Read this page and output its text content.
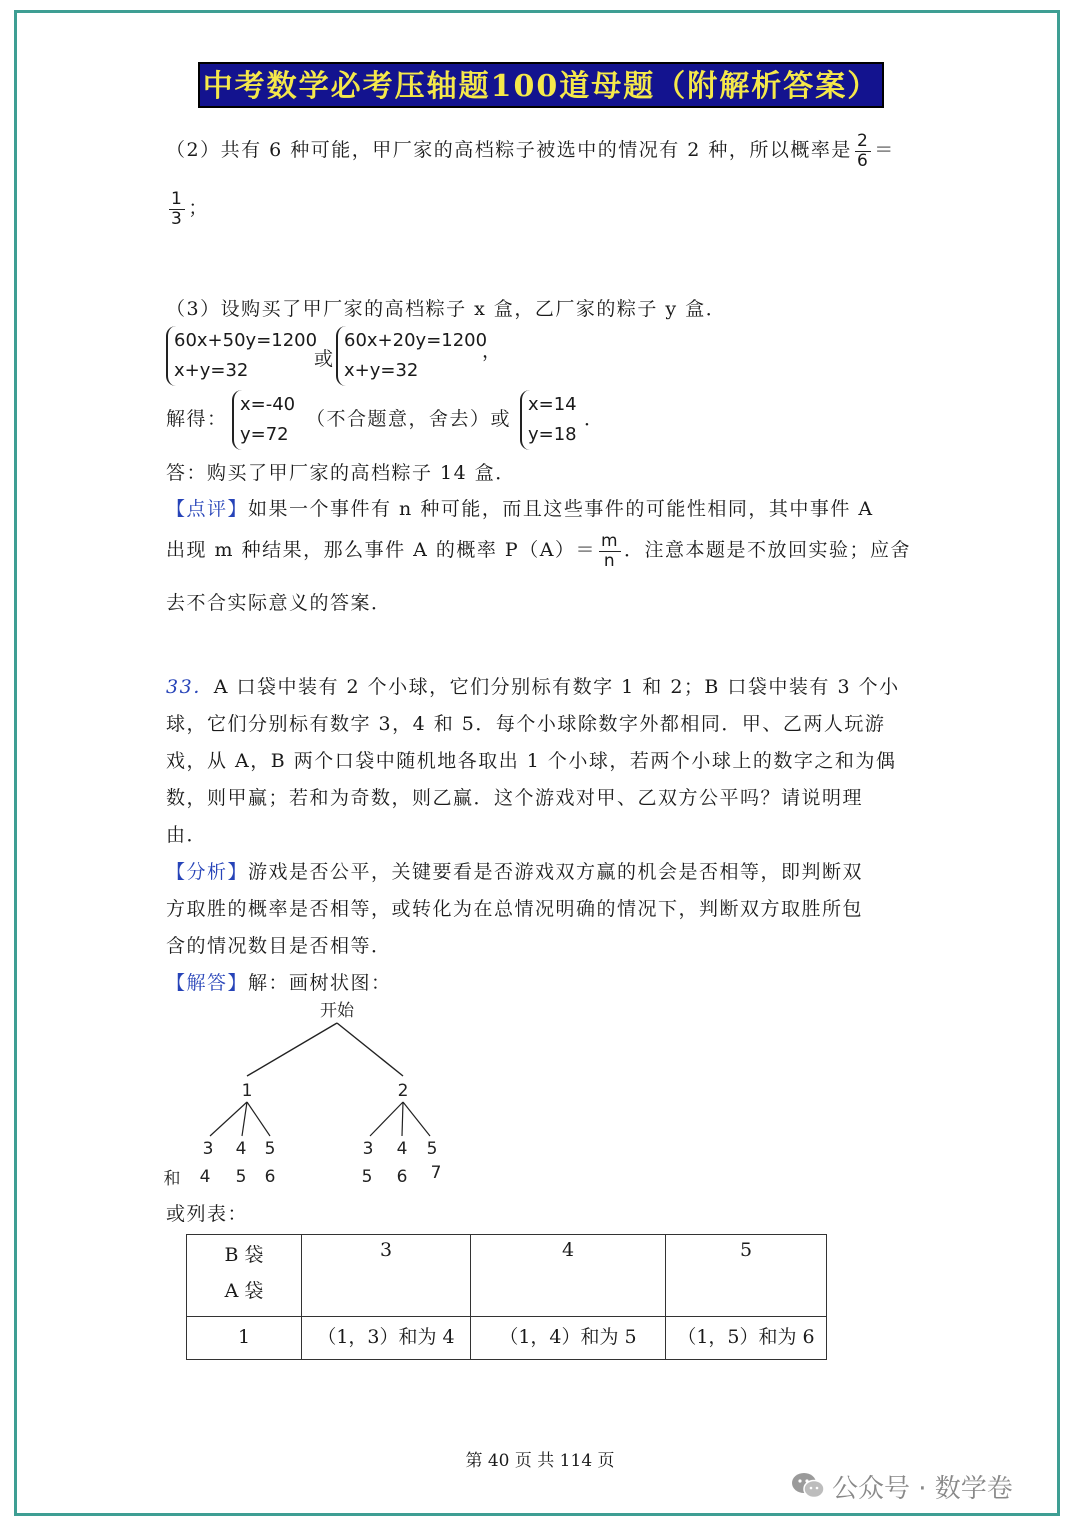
中考数学必考压轴题100道母题（附解析答案）
（2）共有 6 种可能，甲厂家的高档粽子被选中的情况有 2 种，所以概率是 $\frac{2}{6}$ ＝
$\frac{1}{3}$ ；
（3）设购买了甲厂家的高档粽子 x 盒，乙厂家的粽子 y 盒．
60x+50y=1200
x+y=32
或
60x+20y=1200
x+y=32
，
解得：
x=-40
y=72
（不合题意，舍去）或
x=14
y=18
．
答：购买了甲厂家的高档粽子 14 盒．
【点评】如果一个事件有 n 种可能，而且这些事件的可能性相同，其中事件 A
出现 m 种结果，那么事件 A 的概率 $P(A)= \frac{m}{n}$ ．注意本题是不放回实验；应舍
去不合实际意义的答案．
33．A 口袋中装有 2 个小球，它们分别标有数字 1 和 2；B 口袋中装有 3 个小
球，它们分别标有数字 3，4 和 5．每个小球除数字外都相同．甲、乙两人玩游
戏，从 A，B 两个口袋中随机地各取出 1 个小球，若两个小球上的数字之和为偶
数，则甲赢；若和为奇数，则乙赢．这个游戏对甲、乙双方公平吗？请说明理
由．
【分析】游戏是否公平，关键要看是否游戏双方赢的机会是否相等，即判断双
方取胜的概率是否相等，或转化为在总情况明确的情况下，判断双方取胜所包
含的情况数目是否相等．
【解答】解：画树状图：
开始
1	2
3 4 5	3 4 5
和 4 5 6	5 6 7
或列表：
B 袋
A 袋	3	4	5
1	（1，3）和为 4	（1，4）和为 5	（1，5）和为 6
第 40 页 共 114 页
公众号 · 数学卷
